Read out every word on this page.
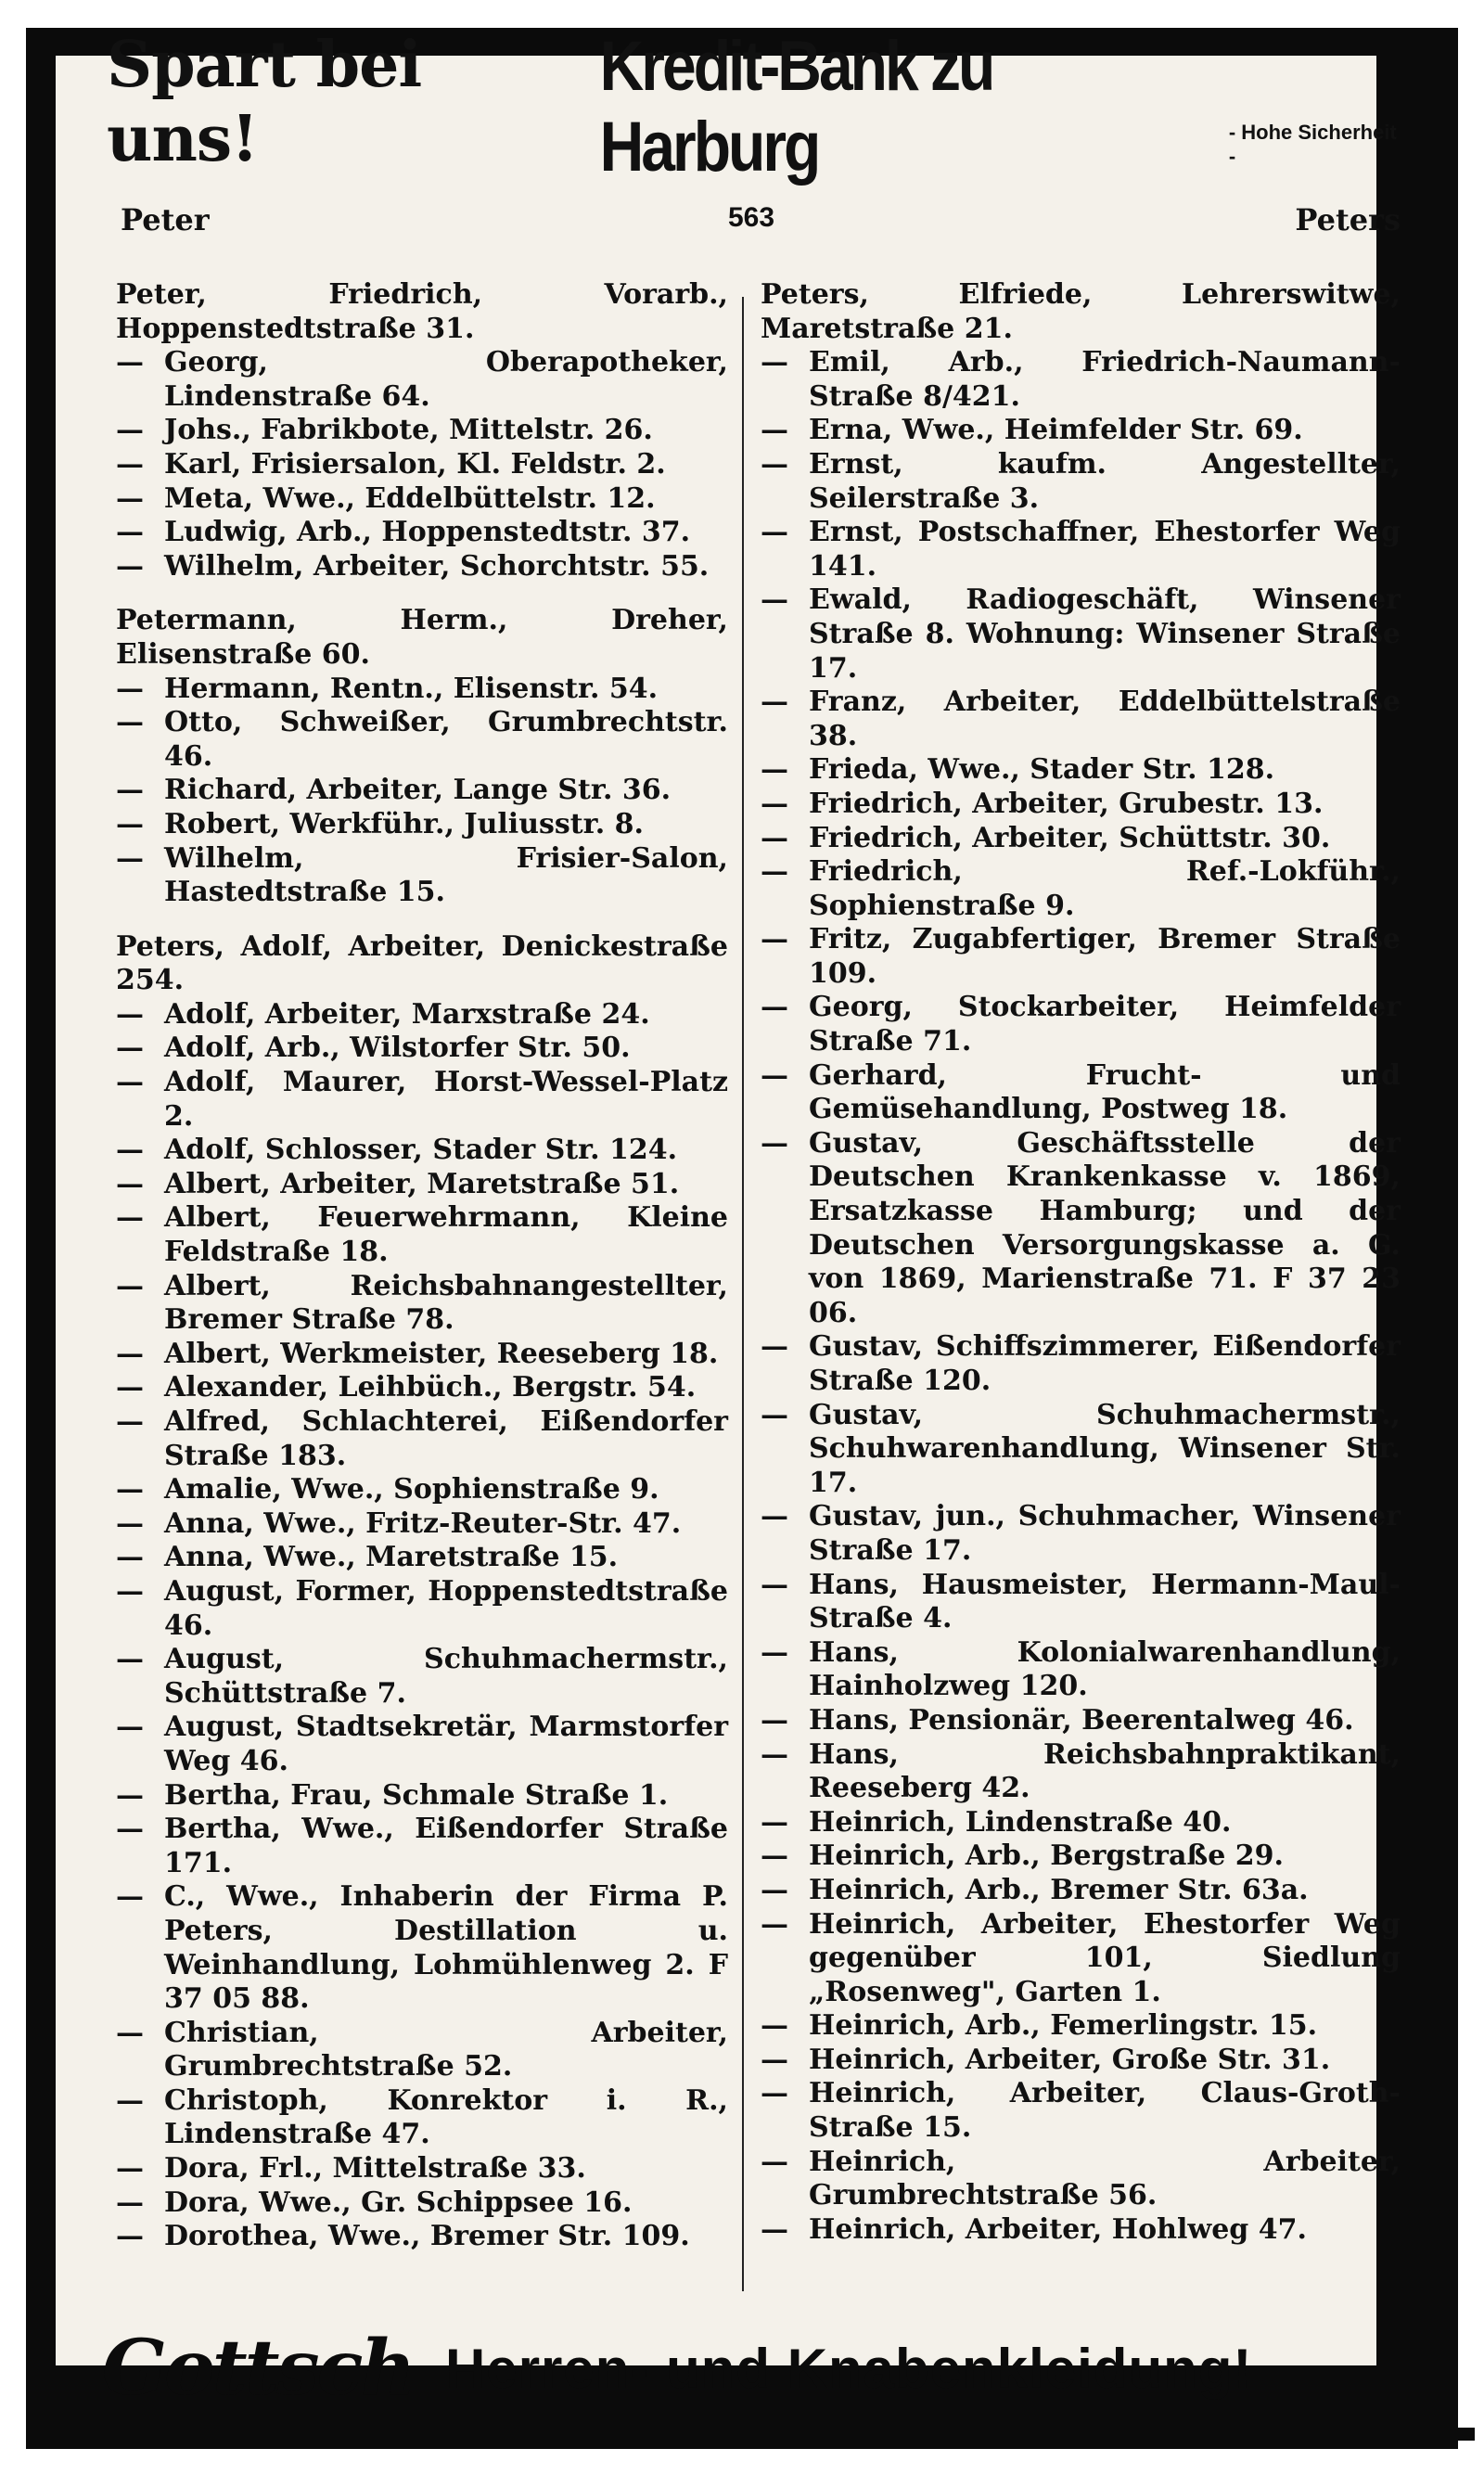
Spart bei uns!
Kredit-Bank zu Harburg	- Hohe Sicherheit -
Peter	563	Peters
Peter, Friedrich, Vorarb., Hoppenstedtstraße 31.
— Georg, Oberapotheker, Lindenstraße 64.
— Johs., Fabrikbote, Mittelstr. 26.
— Karl, Frisiersalon, Kl. Feldstr. 2.
— Meta, Wwe., Eddelbüttelstr. 12.
— Ludwig, Arb., Hoppenstedtstr. 37.
— Wilhelm, Arbeiter, Schorchtstr. 55.
Petermann, Herm., Dreher, Elisenstraße 60.
— Hermann, Rentn., Elisenstr. 54.
— Otto, Schweißer, Grumbrechtstr. 46.
— Richard, Arbeiter, Lange Str. 36.
— Robert, Werkführ., Juliusstr. 8.
— Wilhelm, Frisier-Salon, Hastedtstraße 15.
Peters, Adolf, Arbeiter, Denickestraße 254.
— Adolf, Arbeiter, Marxstraße 24.
— Adolf, Arb., Wilstorfer Str. 50.
— Adolf, Maurer, Horst-Wessel-Platz 2.
— Adolf, Schlosser, Stader Str. 124.
— Albert, Arbeiter, Maretstraße 51.
— Albert, Feuerwehrmann, Kleine Feldstraße 18.
— Albert, Reichsbahnangestellter, Bremer Straße 78.
— Albert, Werkmeister, Reeseberg 18.
— Alexander, Leihbüch., Bergstr. 54.
— Alfred, Schlachterei, Eißendorfer Straße 183.
— Amalie, Wwe., Sophienstraße 9.
— Anna, Wwe., Fritz-Reuter-Str. 47.
— Anna, Wwe., Maretstraße 15.
— August, Former, Hoppenstedtstraße 46.
— August, Schuhmachermstr., Schüttstraße 7.
— August, Stadtsekretär, Marmstorfer Weg 46.
— Bertha, Frau, Schmale Straße 1.
— Bertha, Wwe., Eißendorfer Straße 171.
— C., Wwe., Inhaberin der Firma P. Peters, Destillation u. Weinhandlung, Lohmühlenweg 2. F 37 05 88.
— Christian, Arbeiter, Grumbrechtstraße 52.
— Christoph, Konrektor i. R., Lindenstraße 47.
— Dora, Frl., Mittelstraße 33.
— Dora, Wwe., Gr. Schippsee 16.
— Dorothea, Wwe., Bremer Str. 109.
Peters, Elfriede, Lehrerswitwe, Maretstraße 21.
— Emil, Arb., Friedrich-Naumann-Straße 8/421.
— Erna, Wwe., Heimfelder Str. 69.
— Ernst, kaufm. Angestellter, Seilerstraße 3.
— Ernst, Postschaffner, Ehestorfer Weg 141.
— Ewald, Radiogeschäft, Winsener Straße 8. Wohnung: Winsener Straße 17.
— Franz, Arbeiter, Eddelbüttelstraße 38.
— Frieda, Wwe., Stader Str. 128.
— Friedrich, Arbeiter, Grubestr. 13.
— Friedrich, Arbeiter, Schüttstr. 30.
— Friedrich, Ref.-Lokführ., Sophienstraße 9.
— Fritz, Zugabfertiger, Bremer Straße 109.
— Georg, Stockarbeiter, Heimfelder Straße 71.
— Gerhard, Frucht- und Gemüsehandlung, Postweg 18.
— Gustav, Geschäftsstelle der Deutschen Krankenkasse v. 1869, Ersatzkasse Hamburg; und der Deutschen Versorgungskasse a. G. von 1869, Marienstraße 71. F 37 23 06.
— Gustav, Schiffszimmerer, Eißendorfer Straße 120.
— Gustav, Schuhmachermstr., Schuhwarenhandlung, Winsener Str. 17.
— Gustav, jun., Schuhmacher, Winsener Straße 17.
— Hans, Hausmeister, Hermann-Maul-Straße 4.
— Hans, Kolonialwarenhandlung, Hainholzweg 120.
— Hans, Pensionär, Beerentalweg 46.
— Hans, Reichsbahnpraktikant, Reeseberg 42.
— Heinrich, Lindenstraße 40.
— Heinrich, Arb., Bergstraße 29.
— Heinrich, Arb., Bremer Str. 63a.
— Heinrich, Arbeiter, Ehestorfer Weg gegenüber 101, Siedlung „Rosenweg", Garten 1.
— Heinrich, Arb., Femerlingstr. 15.
— Heinrich, Arbeiter, Große Str. 31.
— Heinrich, Arbeiter, Claus-Groth-Straße 15.
— Heinrich, Arbeiter, Grumbrechtstraße 56.
— Heinrich, Arbeiter, Hohlweg 47.
Gottsch Herren- und Knabenkleidung!
